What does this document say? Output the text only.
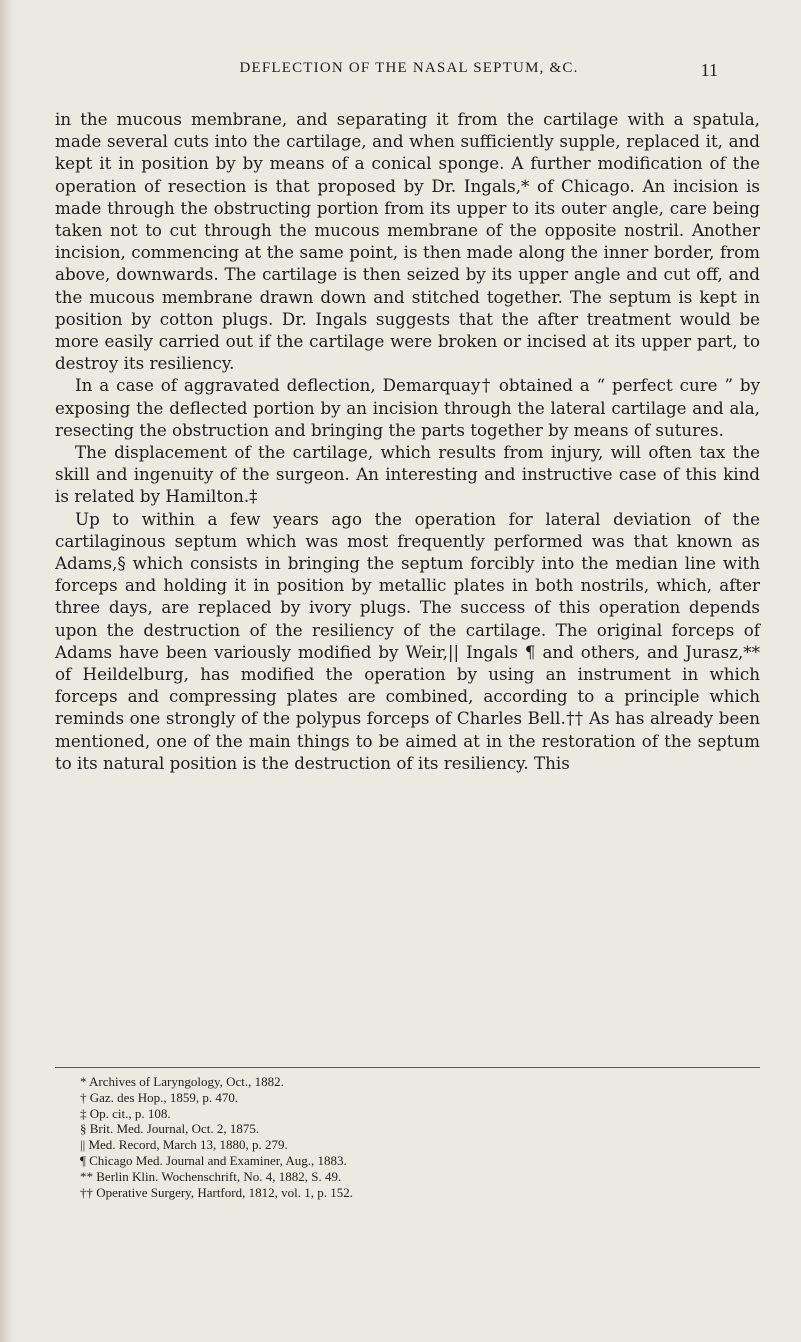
DEFLECTION OF THE NASAL SEPTUM, &C.	11

in the mucous membrane, and separating it from the cartilage with a spatula, made several cuts into the cartilage, and when sufficiently supple, replaced it, and kept it in position by by means of a conical sponge. A further modification of the operation of resection is that proposed by Dr. Ingals,* of Chicago. An incision is made through the obstructing portion from its upper to its outer angle, care being taken not to cut through the mucous membrane of the opposite nostril. Another incision, commencing at the same point, is then made along the inner border, from above, downwards. The cartilage is then seized by its upper angle and cut off, and the mucous membrane drawn down and stitched together. The septum is kept in position by cotton plugs. Dr. Ingals suggests that the after treatment would be more easily carried out if the cartilage were broken or incised at its upper part, to destroy its resiliency.

In a case of aggravated deflection, Demarquay† obtained a “ perfect cure ” by exposing the deflected portion by an incision through the lateral cartilage and ala, resecting the obstruction and bringing the parts together by means of sutures.

The displacement of the cartilage, which results from injury, will often tax the skill and ingenuity of the surgeon. An interesting and instructive case of this kind is related by Hamilton.‡

Up to within a few years ago the operation for lateral deviation of the cartilaginous septum which was most frequently performed was that known as Adams,§ which consists in bringing the septum forcibly into the median line with forceps and holding it in position by metallic plates in both nostrils, which, after three days, are replaced by ivory plugs. The success of this operation depends upon the destruction of the resiliency of the cartilage. The original forceps of Adams have been variously modified by Weir,|| Ingals ¶ and others, and Jurasz,** of Heildelburg, has modified the operation by using an instrument in which forceps and compressing plates are combined, according to a principle which reminds one strongly of the polypus forceps of Charles Bell.†† As has already been mentioned, one of the main things to be aimed at in the restoration of the septum to its natural position is the destruction of its resiliency. This

* Archives of Laryngology, Oct., 1882.
† Gaz. des Hop., 1859, p. 470.
‡ Op. cit., p. 108.
§ Brit. Med. Journal, Oct. 2, 1875.
|| Med. Record, March 13, 1880, p. 279.
¶ Chicago Med. Journal and Examiner, Aug., 1883.
** Berlin Klin. Wochenschrift, No. 4, 1882, S. 49.
†† Operative Surgery, Hartford, 1812, vol. 1, p. 152.
